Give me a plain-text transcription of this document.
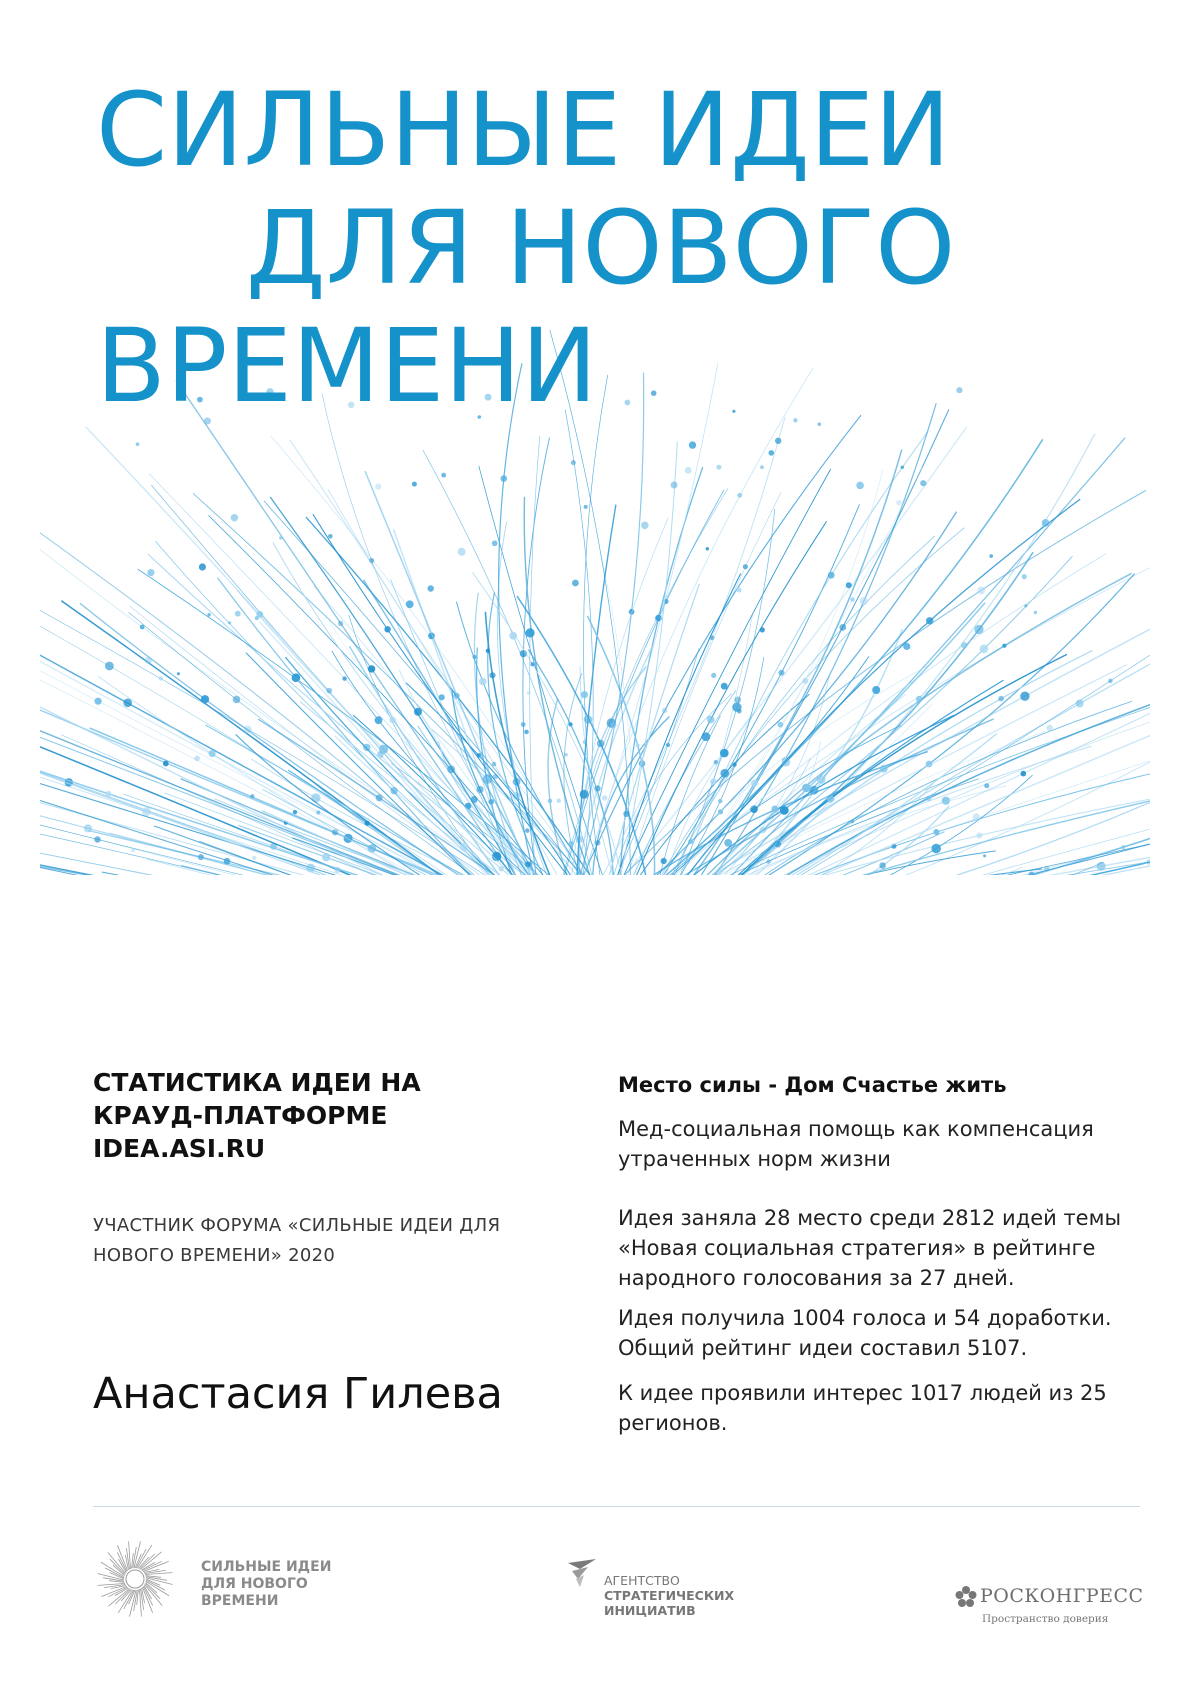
СИЛЬНЫЕ ИДЕИ
ДЛЯ НОВОГО
ВРЕМЕНИ
СТАТИСТИКА ИДЕИ НА
КРАУД-ПЛАТФОРМЕ
IDEA.ASI.RU
УЧАСТНИК ФОРУМА «СИЛЬНЫЕ ИДЕИ ДЛЯ
НОВОГО ВРЕМЕНИ» 2020
Анастасия Гилева
Место силы - Дом Счастье жить
Мед-социальная помощь как компенсация
утраченных норм жизни
Идея заняла 28 место среди 2812 идей темы
«Новая социальная стратегия» в рейтинге
народного голосования за 27 дней.
Идея получила 1004 голоса и 54 доработки.
Общий рейтинг идеи составил 5107.
К идее проявили интерес 1017 людей из 25
регионов.
СИЛЬНЫЕ ИДЕИ
ДЛЯ НОВОГО
ВРЕМЕНИ
АГЕНТСТВО
СТРАТЕГИЧЕСКИХ
ИНИЦИАТИВ
РОСКОНГРЕСС
Пространство доверия
